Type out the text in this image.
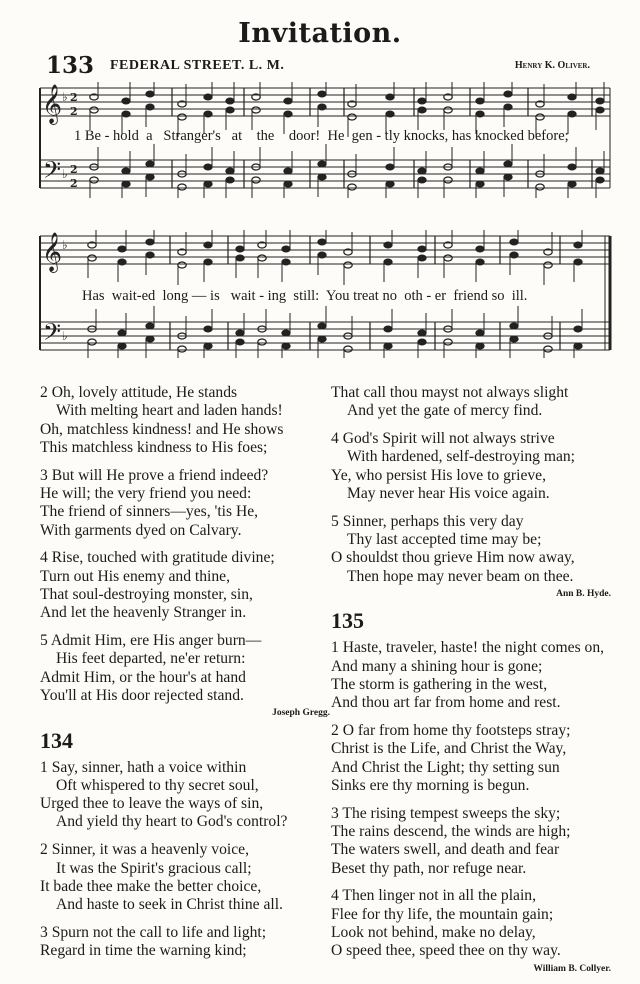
Invitation.
133 FEDERAL STREET. L. M.	Henry K. Oliver.
𝄞
𝄢
♭
♭
2
2
2
2
1 Be - hold  a   Stranger's   at    the    door!  He  gen - tly knocks, has knocked before;
𝄞
𝄢
♭
♭
Has  wait-ed  long — is   wait - ing  still:  You treat no  oth - er  friend so  ill.
2 Oh, lovely attitude, He stands
With melting heart and laden hands!
Oh, matchless kindness! and He shows
This matchless kindness to His foes;
3 But will He prove a friend indeed?
He will; the very friend you need:
The friend of sinners—yes, 'tis He,
With garments dyed on Calvary.
4 Rise, touched with gratitude divine;
Turn out His enemy and thine,
That soul-destroying monster, sin,
And let the heavenly Stranger in.
5 Admit Him, ere His anger burn—
His feet departed, ne'er return:
Admit Him, or the hour's at hand
You'll at His door rejected stand.
Joseph Gregg.
134
1 Say, sinner, hath a voice within
Oft whispered to thy secret soul,
Urged thee to leave the ways of sin,
And yield thy heart to God's control?
2 Sinner, it was a heavenly voice,
It was the Spirit's gracious call;
It bade thee make the better choice,
And haste to seek in Christ thine all.
3 Spurn not the call to life and light;
Regard in time the warning kind;
That call thou mayst not always slight
And yet the gate of mercy find.
4 God's Spirit will not always strive
With hardened, self-destroying man;
Ye, who persist His love to grieve,
May never hear His voice again.
5 Sinner, perhaps this very day
Thy last accepted time may be;
O shouldst thou grieve Him now away,
Then hope may never beam on thee.
Ann B. Hyde.
135
1 Haste, traveler, haste! the night comes on,
And many a shining hour is gone;
The storm is gathering in the west,
And thou art far from home and rest.
2 O far from home thy footsteps stray;
Christ is the Life, and Christ the Way,
And Christ the Light; thy setting sun
Sinks ere thy morning is begun.
3 The rising tempest sweeps the sky;
The rains descend, the winds are high;
The waters swell, and death and fear
Beset thy path, nor refuge near.
4 Then linger not in all the plain,
Flee for thy life, the mountain gain;
Look not behind, make no delay,
O speed thee, speed thee on thy way.
William B. Collyer.
